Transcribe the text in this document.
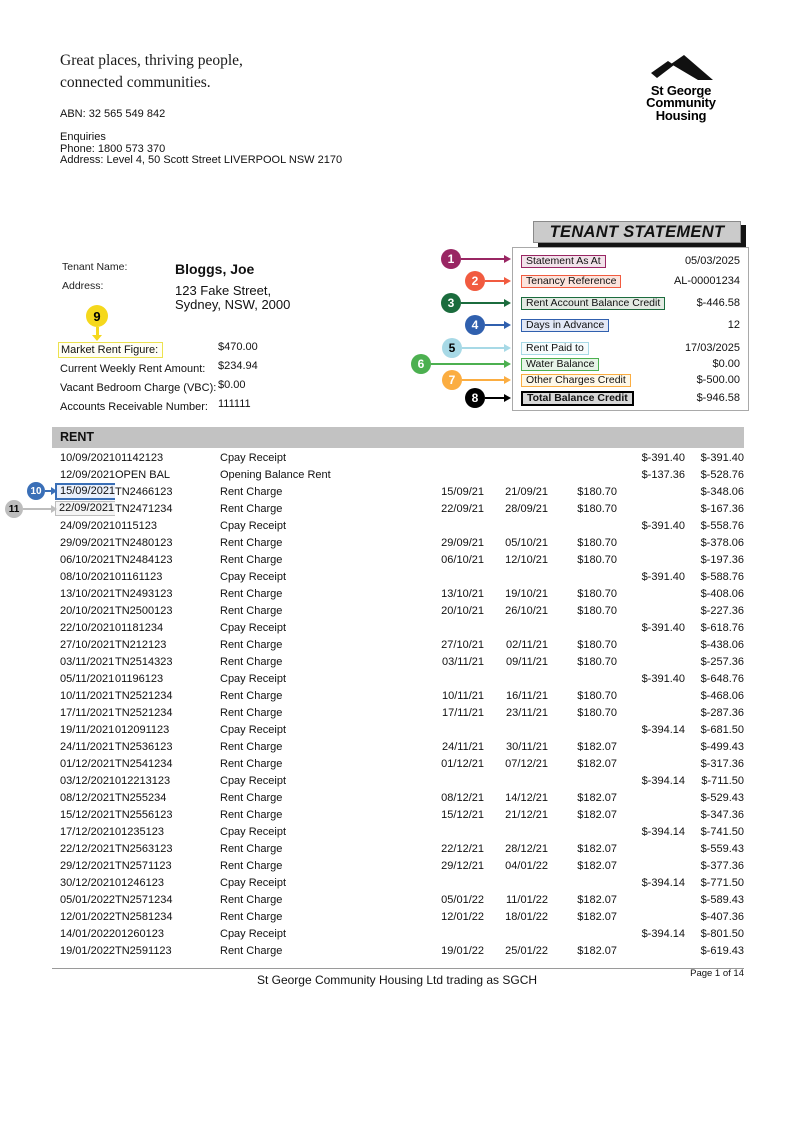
Great places, thriving people,
connected communities.
ABN: 32 565 549 842
Enquiries
Phone: 1800 573 370
Address: Level 4, 50 Scott Street LIVERPOOL NSW 2170
St George
Community
Housing
TENANT STATEMENT
Tenant Name:	Bloggs, Joe
Address:	123 Fake Street,
Sydney, NSW, 2000
Market Rent Figure:	$470.00
Current Weekly Rent Amount: $234.94
Vacant Bedroom Charge (VBC): $0.00
Accounts Receivable Number: 111111
9
Statement As At	05/03/2025
Tenancy Reference	AL-00001234
Rent Account Balance Credit	$-446.58
Days in Advance	12
Rent Paid to	17/03/2025
Water Balance	$0.00
Other Charges Credit	$-500.00
Total Balance Credit	$-946.58
1
2
3
4
5
6
7
8
RENT
10/09/2021	01142123	Cpay Receipt				$-391.40	$-391.40
12/09/2021	OPEN BAL	Opening Balance Rent				$-137.36	$-528.76
15/09/2021	TN2466123	Rent Charge	15/09/21	21/09/21	$180.70		$-348.06
22/09/2021	TN2471234	Rent Charge	22/09/21	28/09/21	$180.70		$-167.36
24/09/2021	0115123	Cpay Receipt				$-391.40	$-558.76
29/09/2021	TN2480123	Rent Charge	29/09/21	05/10/21	$180.70		$-378.06
06/10/2021	TN2484123	Rent Charge	06/10/21	12/10/21	$180.70		$-197.36
08/10/2021	01161123	Cpay Receipt				$-391.40	$-588.76
13/10/2021	TN2493123	Rent Charge	13/10/21	19/10/21	$180.70		$-408.06
20/10/2021	TN2500123	Rent Charge	20/10/21	26/10/21	$180.70		$-227.36
22/10/2021	01181234	Cpay Receipt				$-391.40	$-618.76
27/10/2021	TN212123	Rent Charge	27/10/21	02/11/21	$180.70		$-438.06
03/11/2021	TN2514323	Rent Charge	03/11/21	09/11/21	$180.70		$-257.36
05/11/2021	01196123	Cpay Receipt				$-391.40	$-648.76
10/11/2021	TN2521234	Rent Charge	10/11/21	16/11/21	$180.70		$-468.06
17/11/2021	TN2521234	Rent Charge	17/11/21	23/11/21	$180.70		$-287.36
19/11/2021	012091123	Cpay Receipt				$-394.14	$-681.50
24/11/2021	TN2536123	Rent Charge	24/11/21	30/11/21	$182.07		$-499.43
01/12/2021	TN2541234	Rent Charge	01/12/21	07/12/21	$182.07		$-317.36
03/12/2021	012213123	Cpay Receipt				$-394.14	$-711.50
08/12/2021	TN255234	Rent Charge	08/12/21	14/12/21	$182.07		$-529.43
15/12/2021	TN2556123	Rent Charge	15/12/21	21/12/21	$182.07		$-347.36
17/12/2021	01235123	Cpay Receipt				$-394.14	$-741.50
22/12/2021	TN2563123	Rent Charge	22/12/21	28/12/21	$182.07		$-559.43
29/12/2021	TN2571123	Rent Charge	29/12/21	04/01/22	$182.07		$-377.36
30/12/2021	01246123	Cpay Receipt				$-394.14	$-771.50
05/01/2022	TN2571234	Rent Charge	05/01/22	11/01/22	$182.07		$-589.43
12/01/2022	TN2581234	Rent Charge	12/01/22	18/01/22	$182.07		$-407.36
14/01/2022	01260123	Cpay Receipt				$-394.14	$-801.50
19/01/2022	TN2591123	Rent Charge	19/01/22	25/01/22	$182.07		$-619.43
10
11
St George Community Housing Ltd trading as SGCH	Page 1 of 14
